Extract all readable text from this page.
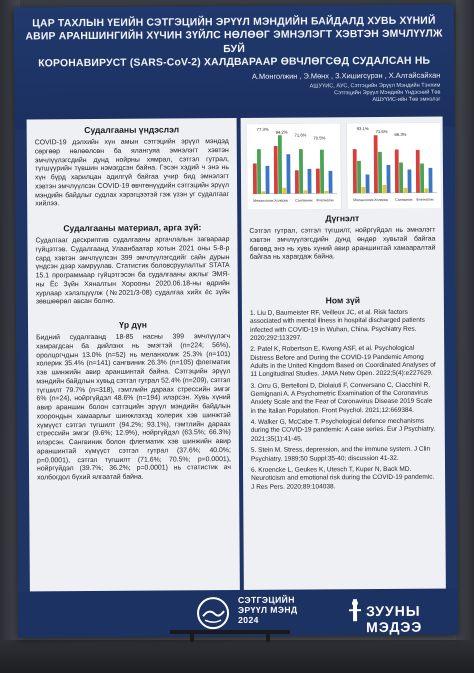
ЦАР ТАХЛЫН ҮЕИЙН СЭТГЭЦИЙН ЭРҮҮЛ МЭНДИЙН БАЙДАЛД ХУВЬ ХҮНИЙ
АВИР АРАНШИНГИЙН ХҮЧИН ЗҮЙЛС НӨЛӨӨГ ЭМНЭЛЭГТ ХЭВТЭН ЭМЧЛҮҮЛЖ БУЙ
КОРОНАВИРУСТ (SARS-CoV-2) ХАЛДВАРААР ӨВЧЛӨГСӨД СУДАЛСАН НЬ
А.Монголжин , Э.Мөнх , З.Хишигсүрэн , Х.Алтайсайхан
АШУҮИС, АУС, Сэтгэцийн Эрүүл Мэндийн Тэнхим
Сэтгэцийн Эрүүл Мэндийн Үндэсний Төв
АШУҮИС-ийн Төв эмнэлэг
Судалгааны үндэслэл
COVID-19 дэлхийн хүн амын сэтгэцийн эрүүл мэндэд сөргөөр нөлөөлсөн ба ялангуяа эмнэлэгт хэвтэн эмчлүүлэгсдийн дунд нойрны хямрал, сэтгэл гутрал, түгшүүрийн түвшин нэмэгдсэн байна. Гэсэн хэдий ч энэ нь хүн бүрд харилцан адилгүй байгаа учир бид эмнэлэгт хэвтэн эмчлүүлсэн COVID-19 өвчтөнүүдийн сэтгэцийн эрүүл мэндийн байдлыг судлах хэрэгцээтэй гэж үзэн уг судалгааг хийлээ.
Судалгааны материал, арга зүй:
Судалгааг дескриптив судалгааны аргачлалын загвараар гүйцэтгэв. Судалгаанд Улаанбаатар хотын 2021 оны 5-8-р сард хэвтэн эмчлүүлсэн 399 эмчлүүлэгсдийг сайн дурын үндсэн дээр хамруулав. Статистик боловсруулалтыг STATA 15.1 программаар гүйцэтгэсэн ба судалгааны ажлыг ЭМЯ-ны Ёс Зүйн Хяналтын Хорооны 2020.06.18-ны өдрийн хурлаар хэлэлцүүлж (№2021/3-08) судалгаа хийх ёс зүйн зөвшөөрөл авсан болно.
Үр дүн
Бидний судалгаанд 18-85 насны 399 эмчлүүлэгч хамрагдсан ба дийлэнх нь эмэгтэй (n=224; 56%), оролцогчдын 13.0% (n=52) нь меланхолик 25.3% (n=101) холерик 35.4% (n=141) сангвиник 26.3% (n=105) флегматик хэв шинжийн авир араншинтай байна. Сэтгэцийн эрүүл мэндийн байдлын хувьд сэтгэл гутрал 52.4% (n=209), сэтгэл түгшилт 79.7% (n=318), гэмтлийн дараах стрессийн эмгэг 6% (n=24), нойргүйдэл 48.6% (n=194) илэрсэн. Хувь хүний авир араншин болон сэтгэцийн эрүүл мэндийн байдлын хоорондын хамаарлыг шинжлэхэд холерик хэв шинжтэй хүмүүст сэтгэл түгшилт (94.2%; 93.1%), гэмтлийн дараах стрессийн эмгэг (9.6%; 12.9%), нойргүйдэл (63.5%; 66.3%) илэрсэн. Сангвиник болон флегматик хэв шинжийн авир араншинтай хүмүүст сэтгэл гутрал (37.6%; 40.0%; p=0.0001), сэтгэл түгшилт (71.6%; 70.5%; p=0.0001), нойргүйдэл (39.7%; 36.2%; p=0.0001) нь статистик ач холбогдол бүхий ялгаатай байна.
77.3%
94.2%
71.6%
70.5%
Меланхолик Холерик Сангвиник Флегматик
93.1%
71.6%
66.3%
Меланхолик Холерик Сангвиник Флегматик
Дүгнэлт
Сэтгэл гутрал, сэтгэл түгшилт, нойргүйдэл нь эмнэлэгт хэвтэн эмчлүүлэгсдийн дунд өндөр хувьтай байгаа бөгөөд энэ нь хувь хүний авир араншинтай хамааралтай байгаа нь харагдаж байна.
Ном зүй
1. Liu D, Baumeister RF, Veilleux JC, et al. Risk factors associated with mental illness in hospital discharged patients infected with COVID-19 in Wuhan, China. Psychiatry Res. 2020;292:113297.
2. Patel K, Robertson E, Kwong ASF, et al. Psychological Distress Before and During the COVID-19 Pandemic Among Adults in the United Kingdom Based on Coordinated Analyses of 11 Longitudinal Studies. JAMA Netw Open. 2022;5(4):e227629.
3. Orru G, Bertelloni D, Diolaiuti F, Conversano C, Ciacchini R, Gemignani A. A Psychometric Examination of the Coronavirus Anxiety Scale and the Fear of Coronavirus Disease 2019 Scale in the Italian Population. Front Psychol. 2021;12:669384.
4. Walker G, McCabe T. Psychological defence mechanisms during the COVID-19 pandemic: A case series. Eur J Psychiatry. 2021;35(1):41-45.
5. Stein M. Stress, depression, and the immune system. J Clin Psychiatry. 1989;50 Suppl:35-40; discussion 41-32.
6. Kroencke L, Geukes K, Utesch T, Kuper N, Back MD. Neuroticism and emotional risk during the COVID-19 pandemic. J Res Pers. 2020;89:104038.
СЭТГЭЦИЙН
ЭРҮҮЛ МЭНД
2024
ЗУУНЫ МЭДЭЭ
